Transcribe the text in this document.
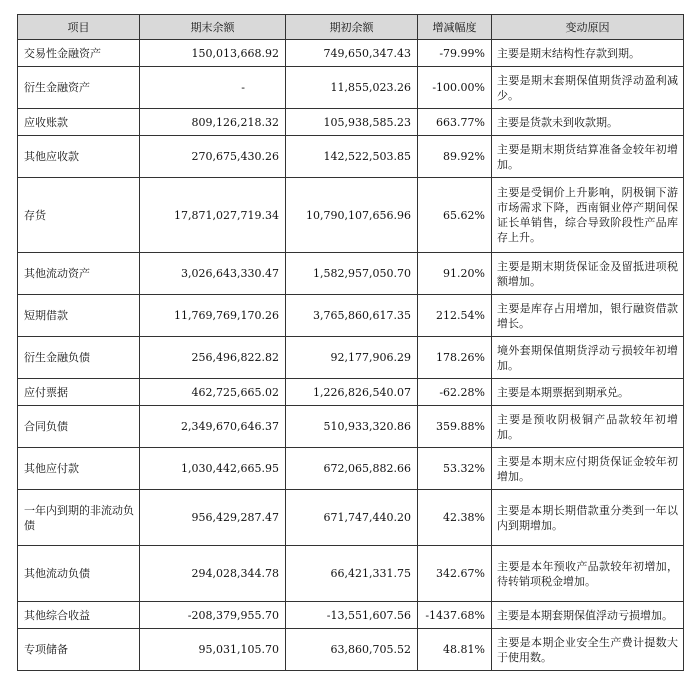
项目	期末余额	期初余额	增减幅度	变动原因
交易性金融资产	150,013,668.92	749,650,347.43	-79.99%	主要是期末结构性存款到期。
衍生金融资产	-	11,855,023.26	-100.00%	主要是期末套期保值期货浮动盈利减少。
应收账款	809,126,218.32	105,938,585.23	663.77%	主要是货款未到收款期。
其他应收款	270,675,430.26	142,522,503.85	89.92%	主要是期末期货结算准备金较年初增加。
存货	17,871,027,719.34	10,790,107,656.96	65.62%	主要是受铜价上升影响，阴极铜下游市场需求下降，西南铜业停产期间保证长单销售，综合导致阶段性产品库存上升。
其他流动资产	3,026,643,330.47	1,582,957,050.70	91.20%	主要是期末期货保证金及留抵进项税额增加。
短期借款	11,769,769,170.26	3,765,860,617.35	212.54%	主要是库存占用增加，银行融资借款增长。
衍生金融负债	256,496,822.82	92,177,906.29	178.26%	境外套期保值期货浮动亏损较年初增加。
应付票据	462,725,665.02	1,226,826,540.07	-62.28%	主要是本期票据到期承兑。
合同负债	2,349,670,646.37	510,933,320.86	359.88%	主要是预收阴极铜产品款较年初增加。
其他应付款	1,030,442,665.95	672,065,882.66	53.32%	主要是本期末应付期货保证金较年初增加。
一年内到期的非流动负债	956,429,287.47	671,747,440.20	42.38%	主要是本期长期借款重分类到一年以内到期增加。
其他流动负债	294,028,344.78	66,421,331.75	342.67%	主要是本年预收产品款较年初增加，待转销项税金增加。
其他综合收益	-208,379,955.70	-13,551,607.56	-1437.68%	主要是本期套期保值浮动亏损增加。
专项储备	95,031,105.70	63,860,705.52	48.81%	主要是本期企业安全生产费计提数大于使用数。
